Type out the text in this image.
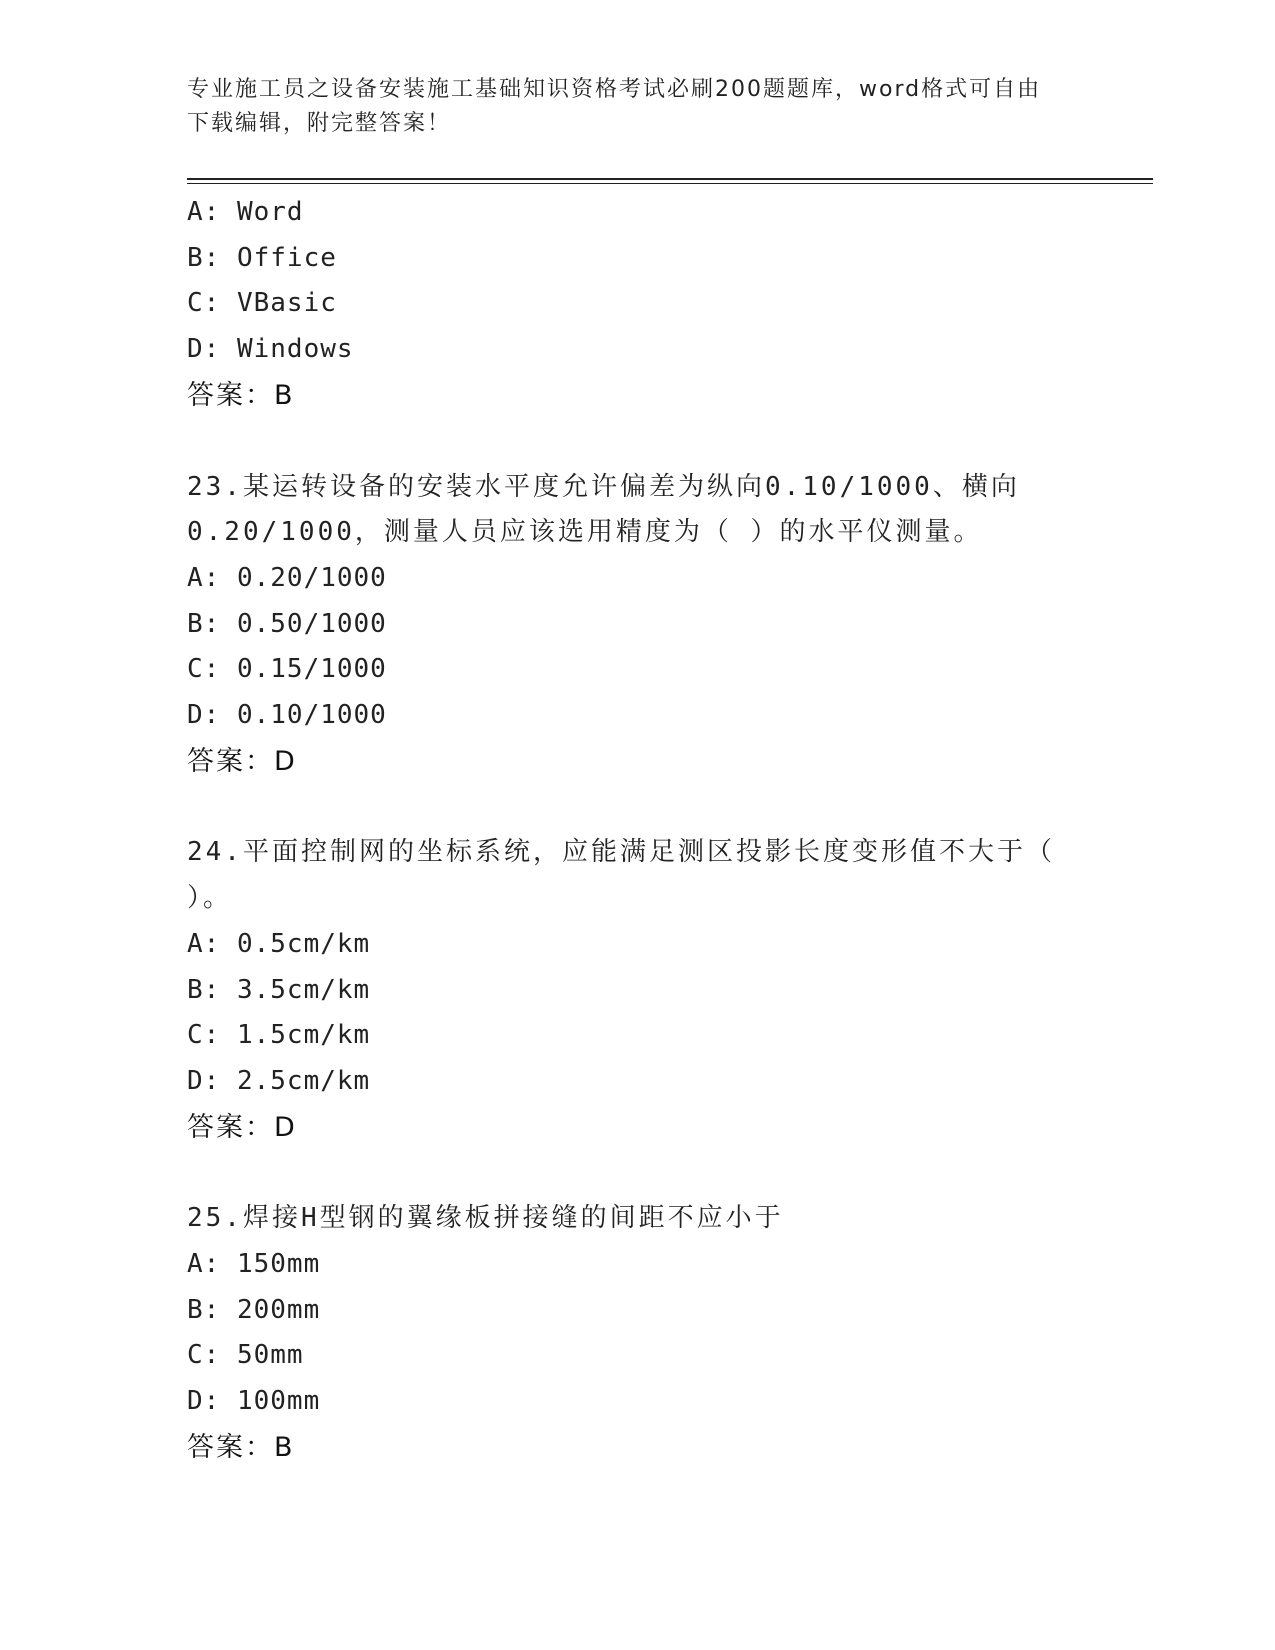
专业施工员之设备安装施工基础知识资格考试必刷200题题库，word格式可自由
下载编辑，附完整答案！
A: Word
B: Office
C: VBasic
D: Windows
答案：B
23.某运转设备的安装水平度允许偏差为纵向0.10/1000、横向
0.20/1000，测量人员应该选用精度为（ ）的水平仪测量。
A: 0.20/1000
B: 0.50/1000
C: 0.15/1000
D: 0.10/1000
答案：D
24.平面控制网的坐标系统，应能满足测区投影长度变形值不大于（
）。
A: 0.5cm/km
B: 3.5cm/km
C: 1.5cm/km
D: 2.5cm/km
答案：D
25.焊接H型钢的翼缘板拼接缝的间距不应小于
A: 150mm
B: 200mm
C: 50mm
D: 100mm
答案：B
